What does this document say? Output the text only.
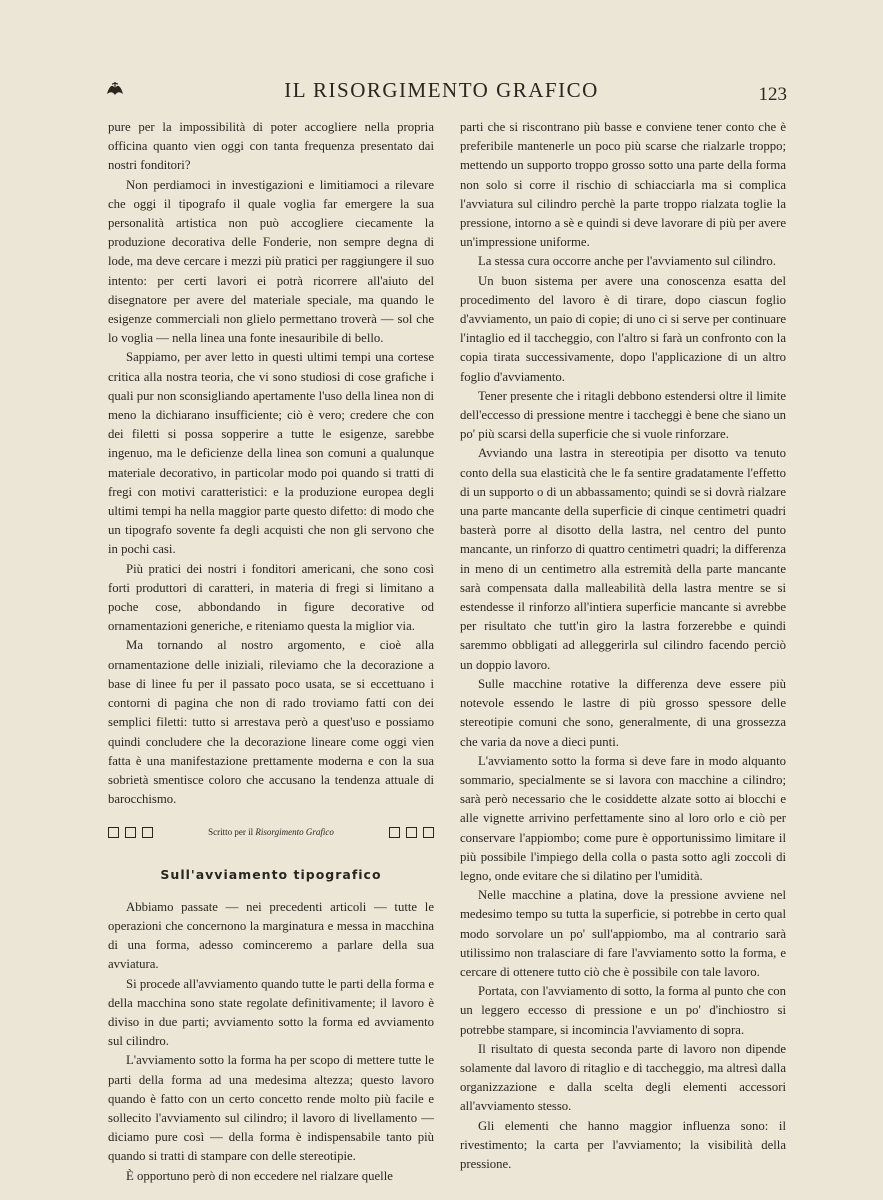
IL RISORGIMENTO GRAFICO	123

pure per la impossibilità di poter accogliere nella propria officina quanto vien oggi con tanta frequenza presentato dai nostri fonditori?

Non perdiamoci in investigazioni e limitiamoci a rilevare che oggi il tipografo il quale voglia far emergere la sua personalità artistica non può accogliere ciecamente la produzione decorativa delle Fonderie, non sempre degna di lode, ma deve cercare i mezzi più pratici per raggiungere il suo intento: per certi lavori ei potrà ricorrere all'aiuto del disegnatore per avere del materiale speciale, ma quando le esigenze commerciali non glielo permettano troverà — sol che lo voglia — nella linea una fonte inesauribile di bello.

Sappiamo, per aver letto in questi ultimi tempi una cortese critica alla nostra teoria, che vi sono studiosi di cose grafiche i quali pur non sconsigliando apertamente l'uso della linea non di meno la dichiarano insufficiente; ciò è vero; credere che con dei filetti si possa sopperire a tutte le esigenze, sarebbe ingenuo, ma le deficienze della linea son comuni a qualunque materiale decorativo, in particolar modo poi quando si tratti di fregi con motivi caratteristici: e la produzione europea degli ultimi tempi ha nella maggior parte questo difetto: di modo che un tipografo sovente fa degli acquisti che non gli servono che in pochi casi.

Più pratici dei nostri i fonditori americani, che sono così forti produttori di caratteri, in materia di fregi si limitano a poche cose, abbondando in figure decorative od ornamentazioni generiche, e riteniamo questa la miglior via.

Ma tornando al nostro argomento, e cioè alla ornamentazione delle iniziali, rileviamo che la decorazione a base di linee fu per il passato poco usata, se si eccettuano i contorni di pagina che non di rado troviamo fatti con dei semplici filetti: tutto si arrestava però a quest'uso e possiamo quindi concludere che la decorazione lineare come oggi vien fatta è una manifestazione prettamente moderna e con la sua sobrietà smentisce coloro che accusano la tendenza attuale di barocchismo.

Scritto per il Risorgimento Grafico
Sull'avviamento tipografico

Abbiamo passate — nei precedenti articoli — tutte le operazioni che concernono la marginatura e messa in macchina di una forma, adesso cominceremo a parlare della sua avviatura.

Si procede all'avviamento quando tutte le parti della forma e della macchina sono state regolate definitivamente; il lavoro è diviso in due parti; avviamento sotto la forma ed avviamento sul cilindro.

L'avviamento sotto la forma ha per scopo di mettere tutte le parti della forma ad una medesima altezza; questo lavoro quando è fatto con un certo concetto rende molto più facile e sollecito l'avviamento sul cilindro; il lavoro di livellamento — diciamo pure così — della forma è indispensabile tanto più quando si tratti di stampare con delle stereotipie.

È opportuno però di non eccedere nel rialzare quelle

parti che si riscontrano più basse e conviene tener conto che è preferibile mantenerle un poco più scarse che rialzarle troppo; mettendo un supporto troppo grosso sotto una parte della forma non solo si corre il rischio di schiacciarla ma si complica l'avviatura sul cilindro perchè la parte troppo rialzata toglie la pressione, intorno a sè e quindi si deve lavorare di più per avere un'impressione uniforme.

La stessa cura occorre anche per l'avviamento sul cilindro.

Un buon sistema per avere una conoscenza esatta del procedimento del lavoro è di tirare, dopo ciascun foglio d'avviamento, un paio di copie; di uno ci si serve per continuare l'intaglio ed il taccheggio, con l'altro si farà un confronto con la copia tirata successivamente, dopo l'applicazione di un altro foglio d'avviamento.

Tener presente che i ritagli debbono estendersi oltre il limite dell'eccesso di pressione mentre i taccheggi è bene che siano un po' più scarsi della superficie che si vuole rinforzare.

Avviando una lastra in stereotipia per disotto va tenuto conto della sua elasticità che le fa sentire gradatamente l'effetto di un supporto o di un abbassamento; quindi se si dovrà rialzare una parte mancante della superficie di cinque centimetri quadri basterà porre al disotto della lastra, nel centro del punto mancante, un rinforzo di quattro centimetri quadri; la differenza in meno di un centimetro alla estremità della parte mancante sarà compensata dalla malleabilità della lastra mentre se si estendesse il rinforzo all'intiera superficie mancante si avrebbe per risultato che tutt'in giro la lastra forzerebbe e quindi saremmo obbligati ad alleggerirla sul cilindro facendo perciò un doppio lavoro.

Sulle macchine rotative la differenza deve essere più notevole essendo le lastre di più grosso spessore delle stereotipie comuni che sono, generalmente, di una grossezza che varia da nove a dieci punti.

L'avviamento sotto la forma si deve fare in modo alquanto sommario, specialmente se si lavora con macchine a cilindro; sarà però necessario che le cosiddette alzate sotto ai blocchi e alle vignette arrivino perfettamente sino al loro orlo e ciò per conservare l'appiombo; come pure è opportunissimo limitare il più possibile l'impiego della colla o pasta sotto agli zoccoli di legno, onde evitare che si dilatino per l'umidità.

Nelle macchine a platina, dove la pressione avviene nel medesimo tempo su tutta la superficie, si potrebbe in certo qual modo sorvolare un po' sull'appiombo, ma al contrario sarà utilissimo non tralasciare di fare l'avviamento sotto la forma, e cercare di ottenere tutto ciò che è possibile con tale lavoro.

Portata, con l'avviamento di sotto, la forma al punto che con un leggero eccesso di pressione e un po' d'inchiostro si potrebbe stampare, si incomincia l'avviamento di sopra.

Il risultato di questa seconda parte di lavoro non dipende solamente dal lavoro di ritaglio e di taccheggio, ma altresì dalla organizzazione e dalla scelta degli elementi accessori all'avviamento stesso.

Gli elementi che hanno maggior influenza sono: il rivestimento; la carta per l'avviamento; la visibilità della pressione.
